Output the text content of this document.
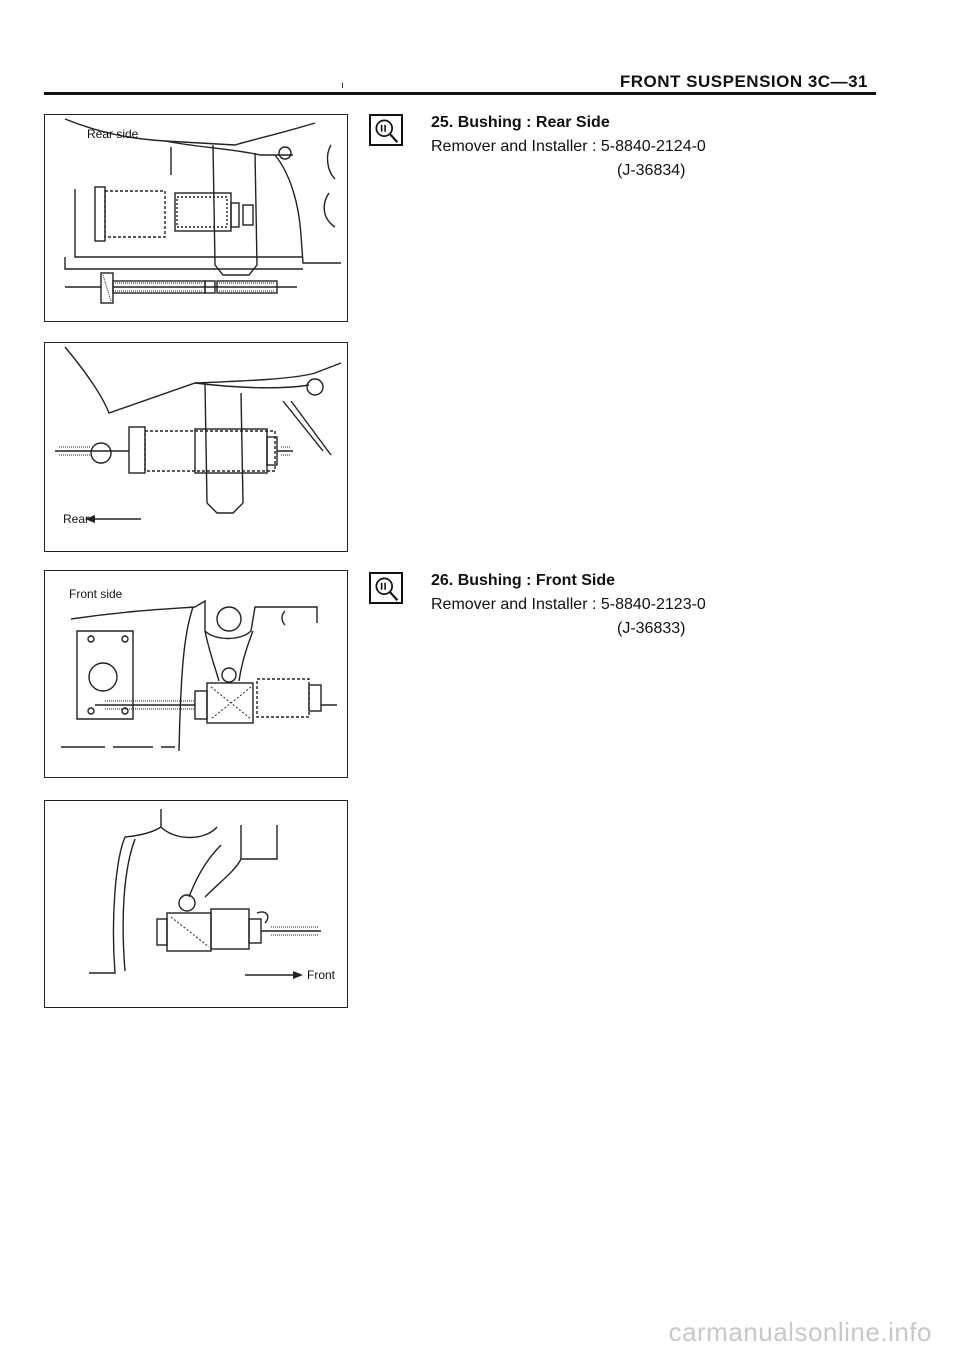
ı	FRONT SUSPENSION 3C—31
Rear side
Rear
Front side
Front
25. Bushing : Rear Side
Remover and Installer : 5-8840-2124-0
(J-36834)
26. Bushing : Front Side
Remover and Installer : 5-8840-2123-0
(J-36833)
carmanualsonline.info
